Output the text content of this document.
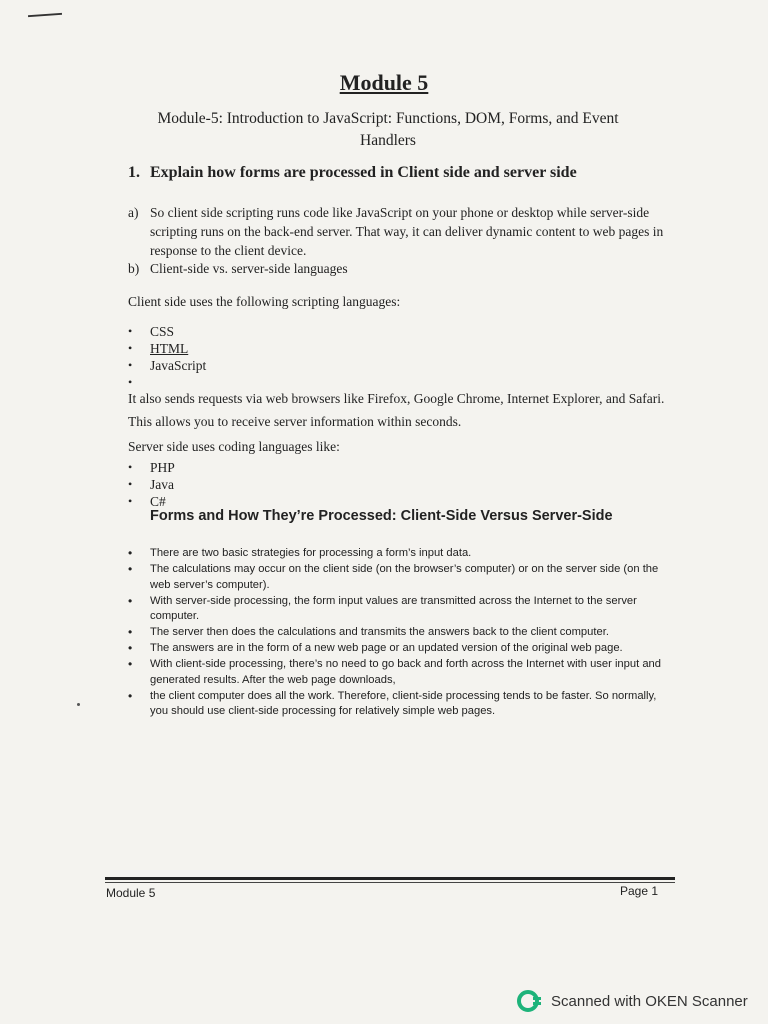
Module 5
Module-5: Introduction to JavaScript: Functions, DOM, Forms, and Event Handlers
1. Explain how forms are processed in Client side and server side
a) So client side scripting runs code like JavaScript on your phone or desktop while server-side scripting runs on the back-end server. That way, it can deliver dynamic content to web pages in response to the client device.
b) Client-side vs. server-side languages
Client side uses the following scripting languages:
• CSS
• HTML
• JavaScript
It also sends requests via web browsers like Firefox, Google Chrome, Internet Explorer, and Safari. This allows you to receive server information within seconds.
Server side uses coding languages like:
• PHP
• Java
• C#
Forms and How They’re Processed: Client-Side Versus Server-Side
• There are two basic strategies for processing a form’s input data.
• The calculations may occur on the client side (on the browser’s computer) or on the server side (on the web server’s computer).
• With server-side processing, the form input values are transmitted across the Internet to the server computer.
• The server then does the calculations and transmits the answers back to the client computer.
• The answers are in the form of a new web page or an updated version of the original web page.
• With client-side processing, there’s no need to go back and forth across the Internet with user input and generated results. After the web page downloads,
• the client computer does all the work. Therefore, client-side processing tends to be faster. So normally, you should use client-side processing for relatively simple web pages.
Module 5	Page 1
Scanned with OKEN Scanner
